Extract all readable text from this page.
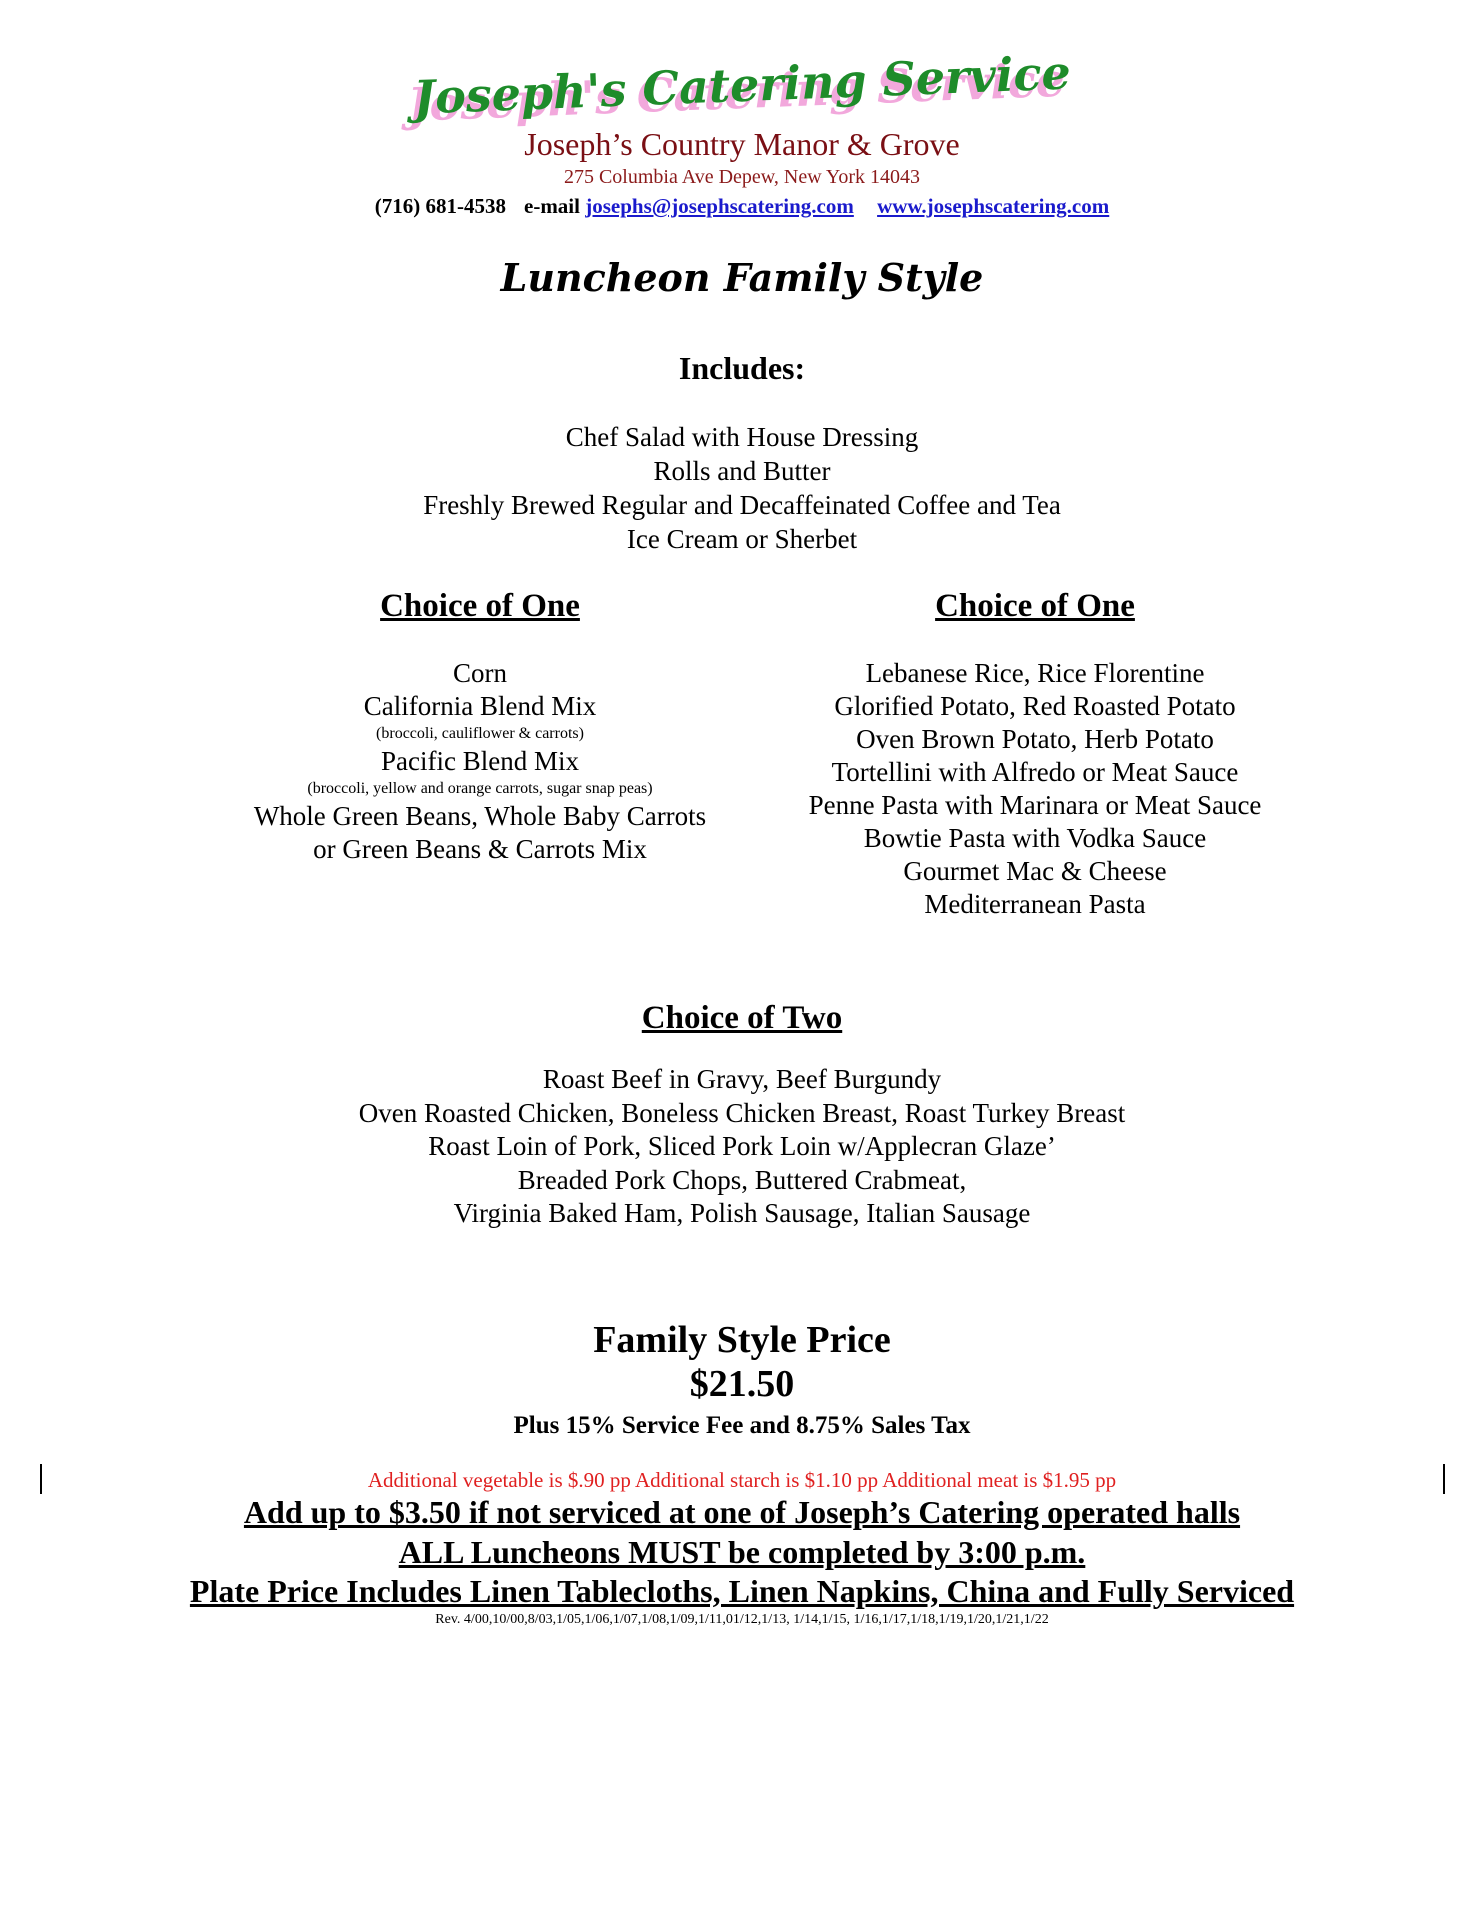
Joseph's Catering Service
Joseph’s Country Manor & Grove
275 Columbia Ave Depew, New York 14043
(716) 681-4538 e-mail josephs@josephscatering.com www.josephscatering.com
Luncheon Family Style
Includes:
Chef Salad with House Dressing
Rolls and Butter
Freshly Brewed Regular and Decaffeinated Coffee and Tea
Ice Cream or Sherbet
Choice of One
Corn
California Blend Mix
(broccoli, cauliflower & carrots)
Pacific Blend Mix
(broccoli, yellow and orange carrots, sugar snap peas)
Whole Green Beans, Whole Baby Carrots
or Green Beans & Carrots Mix
Choice of One
Lebanese Rice, Rice Florentine
Glorified Potato, Red Roasted Potato
Oven Brown Potato, Herb Potato
Tortellini with Alfredo or Meat Sauce
Penne Pasta with Marinara or Meat Sauce
Bowtie Pasta with Vodka Sauce
Gourmet Mac & Cheese
Mediterranean Pasta
Choice of Two
Roast Beef in Gravy, Beef Burgundy
Oven Roasted Chicken, Boneless Chicken Breast, Roast Turkey Breast
Roast Loin of Pork, Sliced Pork Loin w/Applecran Glaze’
Breaded Pork Chops, Buttered Crabmeat,
Virginia Baked Ham, Polish Sausage, Italian Sausage
Family Style Price
$21.50
Plus 15% Service Fee and 8.75% Sales Tax
Additional vegetable is $.90 pp Additional starch is $1.10 pp Additional meat is $1.95 pp
Add up to $3.50 if not serviced at one of Joseph’s Catering operated halls
ALL Luncheons MUST be completed by 3:00 p.m.
Plate Price Includes Linen Tablecloths, Linen Napkins, China and Fully Serviced
Rev. 4/00,10/00,8/03,1/05,1/06,1/07,1/08,1/09,1/11,01/12,1/13, 1/14,1/15, 1/16,1/17,1/18,1/19,1/20,1/21,1/22
